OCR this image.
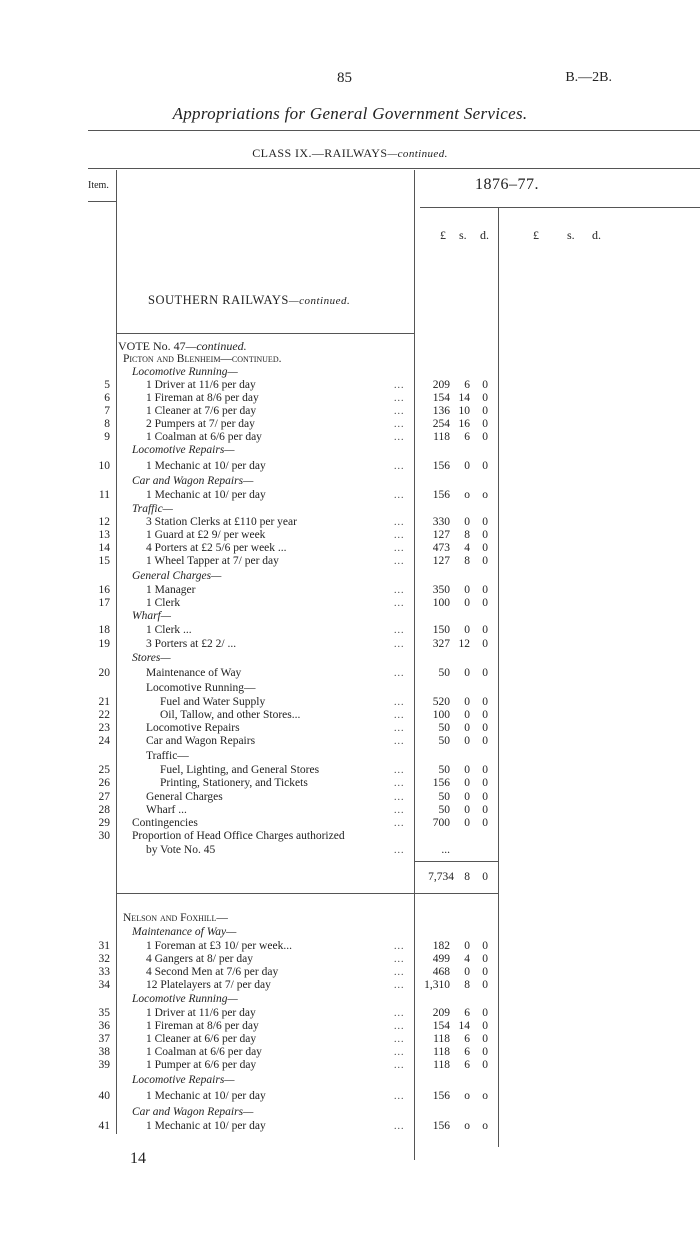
85	B.—2B.
Appropriations for General Government Services.
CLASS IX.—RAILWAYS—continued.
Item.	1876–77.
£ s. d.	£ s. d.
SOUTHERN RAILWAYS—continued.
VOTE No. 47—continued.
Picton and Blenheim—continued.
Locomotive Running—
5	1 Driver at 11/6 per day	...	209	6	0
6	1 Fireman at 8/6 per day	...	154 14	0
7	1 Cleaner at 7/6 per day	...	136 10	0
8	2 Pumpers at 7/ per day	...	254 16	0
9	1 Coalman at 6/6 per day	...	118	6	0
Locomotive Repairs—
10	1 Mechanic at 10/ per day	...	156	0	0
Car and Wagon Repairs—
11	1 Mechanic at 10/ per day	...	156	o	o
Traffic—
12	3 Station Clerks at £110 per year	...	330	0	0
13	1 Guard at £2 9/ per week	...	127	8	0
14	4 Porters at £2 5/6 per week ...	...	473	4	0
15	1 Wheel Tapper at 7/ per day	...	127	8	0
General Charges—
16	1 Manager	...	350	0	0
17	1 Clerk	...	100	0	0
Wharf—
18	1 Clerk ...	...	150	0	0
19	3 Porters at £2 2/ ...	...	327 12	0
Stores—
20	Maintenance of Way	...	50	0	0
Locomotive Running—
21	Fuel and Water Supply	...	520	0	0
22	Oil, Tallow, and other Stores...	...	100	0	0
23	Locomotive Repairs	...	50	0	0
24	Car and Wagon Repairs	...	50	0	0
Traffic—
25	Fuel, Lighting, and General Stores	...	50	0	0
26	Printing, Stationery, and Tickets	...	156	0	0
27	General Charges	...	50	0	0
28	Wharf ...	...	50	0	0
29 Contingencies	...	700	0	0
30 Proportion of Head Office Charges authorized
by Vote No. 45	...	...
Nelson and Foxhill—
Maintenance of Way—
31	1 Foreman at £3 10/ per week...	...	182	0	0
32	4 Gangers at 8/ per day	...	499	4	0
33	4 Second Men at 7/6 per day	...	468	0	0
34	12 Platelayers at 7/ per day	...	1,310	8	0
Locomotive Running—
35	1 Driver at 11/6 per day	...	209	6	0
36	1 Fireman at 8/6 per day	...	154 14	0
37	1 Cleaner at 6/6 per day	...	118	6	0
38	1 Coalman at 6/6 per day	...	118	6	0
39	1 Pumper at 6/6 per day	...	118	6	0
Locomotive Repairs—
40	1 Mechanic at 10/ per day	...	156	o	o
Car and Wagon Repairs—
41	1 Mechanic at 10/ per day	...	156	o	o
7,734 8	0
14
